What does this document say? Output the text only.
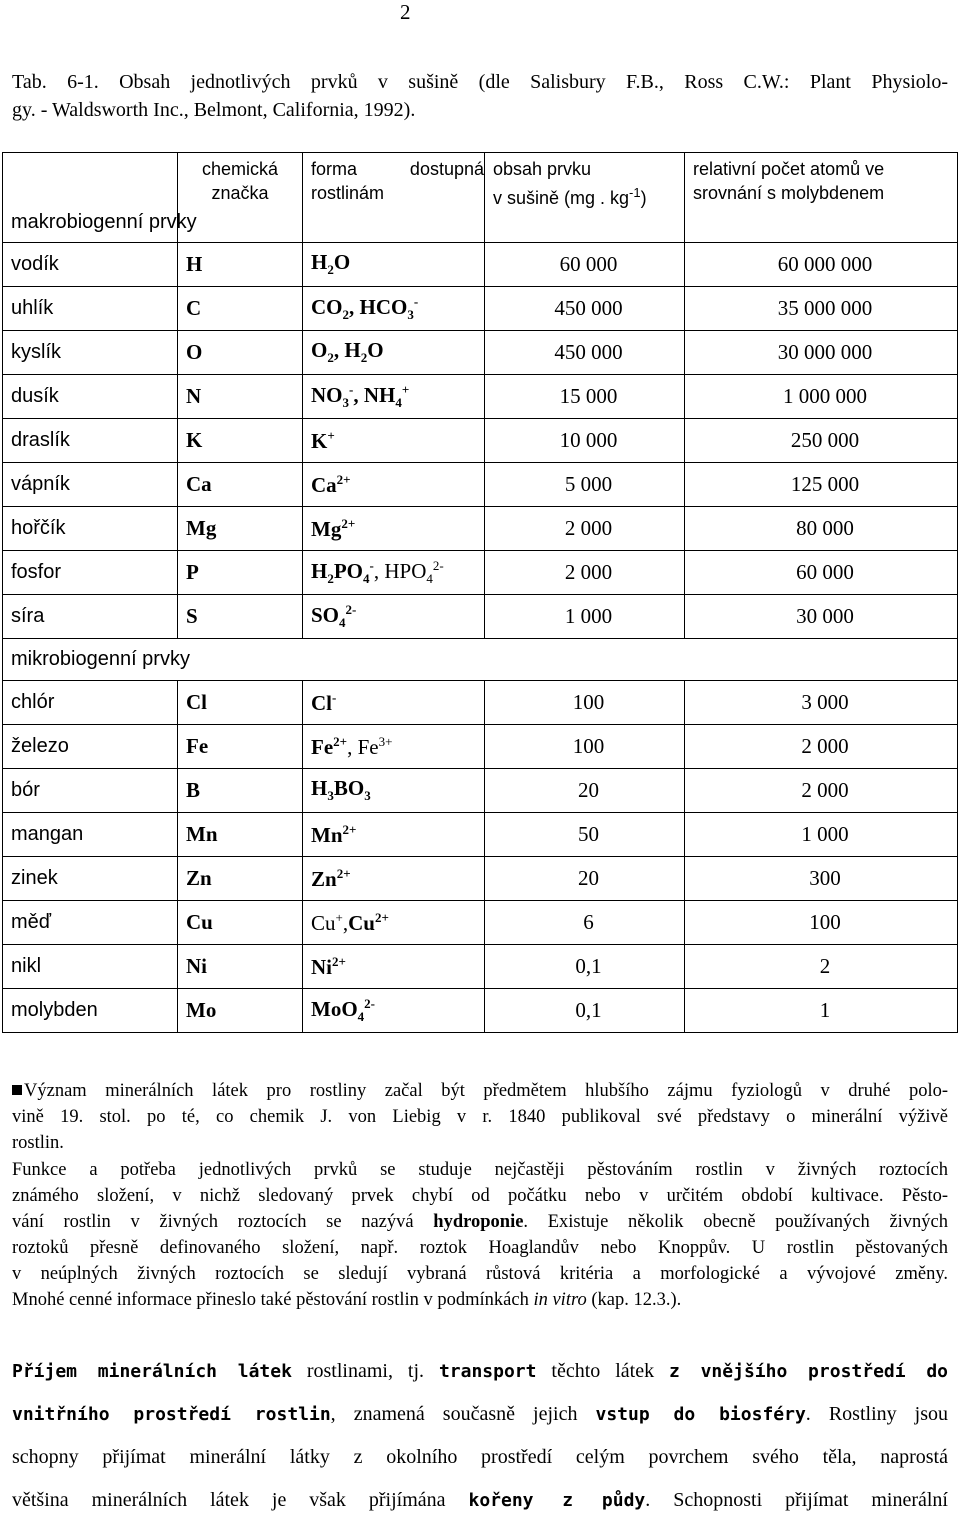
2
Tab. 6-1. Obsah jednotlivých prvků v sušině (dle Salisbury F.B., Ross C.W.: Plant Physiolo-
gy. - Waldsworth Inc., Belmont, California, 1992).
makrobiogenní prvky	chemická značka	forma dostupná rostlinám	obsah prvku
v sušině (mg . $kg^{-1}$)	relativní počet atomů ve srovnání s molybdenem
vodík	H	$H_2O$	60 000	60 000 000
uhlík	C	$CO_2$, $HCO_3^-$	450 000	35 000 000
kyslík	O	$O_2$, $H_2O$	450 000	30 000 000
dusík	N	$NO_3^-$, $NH_4^+$	15 000	1 000 000
draslík	K	K+	10 000	250 000
vápník	Ca	$Ca^{2+}$	5 000	125 000
hořčík	Mg	$Mg^{2+}$	2 000	80 000
fosfor	P	$H_2PO_4^-$, $HPO_4^{2-}$	2 000	60 000
síra	S	$SO_4^{2-}$	1 000	30 000
mikrobiogenní prvky				
chlór	Cl	Cl-	100	3 000
železo	Fe	$Fe^{2+}$, $Fe^{3+}$	100	2 000
bór	B	$H_3BO_3$	20	2 000
mangan	Mn	$Mn^{2+}$	50	1 000
zinek	Zn	$Zn^{2+}$	20	300
měď	Cu	$Cu^+,Cu^{2+}$	6	100
nikl	Ni	$Ni^{2+}$	0,1	2
molybden	Mo	MoO$_4^{2-}$	0,1	1
Význam minerálních látek pro rostliny začal být předmětem hlubšího zájmu fyziologů v druhé polo-
vině 19. stol. po té, co chemik J. von Liebig v r. 1840 publikoval své představy o minerální výživě
rostlin.
Funkce a potřeba jednotlivých prvků se studuje nejčastěji pěstováním rostlin v živných roztocích
známého složení, v nichž sledovaný prvek chybí od počátku nebo v určitém období kultivace. Pěsto-
vání rostlin v živných roztocích se nazývá hydroponie. Existuje několik obecně používaných živných
roztoků přesně definovaného složení, např. roztok Hoaglandův nebo Knoppův. U rostlin pěstovaných
v neúplných živných roztocích se sledují vybraná růstová kritéria a morfologické a vývojové změny.
Mnohé cenné informace přineslo také pěstování rostlin v podmínkách in vitro (kap. 12.3.).
Příjem minerálních látek rostlinami, tj. transport těchto látek z vnějšího prostředí do
vnitřního prostředí rostlin, znamená současně jejich vstup do biosféry. Rostliny jsou
schopny přijímat minerální látky z okolního prostředí celým povrchem svého těla, naprostá
většina minerálních látek je však přijímána kořeny z půdy. Schopnosti přijímat minerální
